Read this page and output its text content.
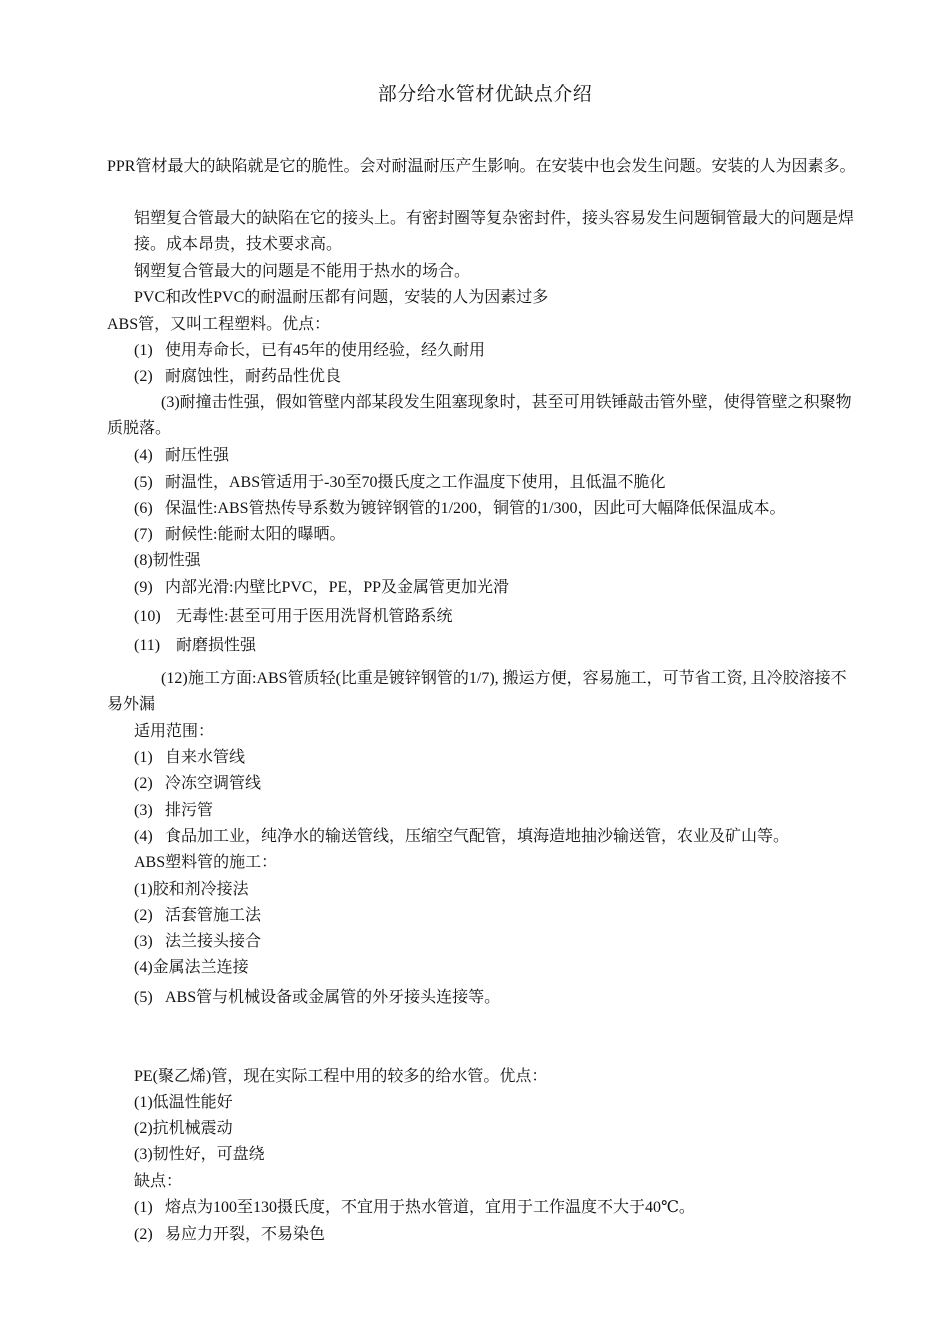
部分给水管材优缺点介绍
PPR管材最大的缺陷就是它的脆性。会对耐温耐压产生影响。在安装中也会发生问题。安装的人为因素多。
铝塑复合管最大的缺陷在它的接头上。有密封圈等复杂密封件，接头容易发生问题铜管最大的问题是焊接。成本昂贵，技术要求高。
钢塑复合管最大的问题是不能用于热水的场合。
PVC和改性PVC的耐温耐压都有问题，安装的人为因素过多
ABS管，又叫工程塑料。优点：
(1) 使用寿命长，已有45年的使用经验，经久耐用
(2) 耐腐蚀性，耐药品性优良
(3)耐撞击性强，假如管壁内部某段发生阻塞现象时，甚至可用铁锤敲击管外壁，使得管壁之积聚物质脱落。
(4) 耐压性强
(5) 耐温性，ABS管适用于-30至70摄氏度之工作温度下使用，且低温不脆化
(6) 保温性:ABS管热传导系数为镀锌钢管的1/200，铜管的1/300，因此可大幅降低保温成本。
(7) 耐候性:能耐太阳的曝晒。
(8)韧性强
(9) 内部光滑:内壁比PVC，PE，PP及金属管更加光滑
(10) 无毒性:甚至可用于医用洗肾机管路系统
(11) 耐磨损性强
(12)施工方面:ABS管质轻(比重是镀锌钢管的1/7), 搬运方便，容易施工，可节省工资, 且冷胶溶接不易外漏
适用范围：
(1) 自来水管线
(2) 冷冻空调管线
(3) 排污管
(4) 食品加工业，纯净水的输送管线，压缩空气配管，填海造地抽沙输送管，农业及矿山等。
ABS塑料管的施工：
(1)胶和剂冷接法
(2) 活套管施工法
(3) 法兰接头接合
(4)金属法兰连接
(5) ABS管与机械设备或金属管的外牙接头连接等。
PE(聚乙烯)管，现在实际工程中用的较多的给水管。优点：
(1)低温性能好
(2)抗机械震动
(3)韧性好，可盘绕
缺点：
(1) 熔点为100至130摄氏度，不宜用于热水管道，宜用于工作温度不大于40℃。
(2) 易应力开裂，不易染色
